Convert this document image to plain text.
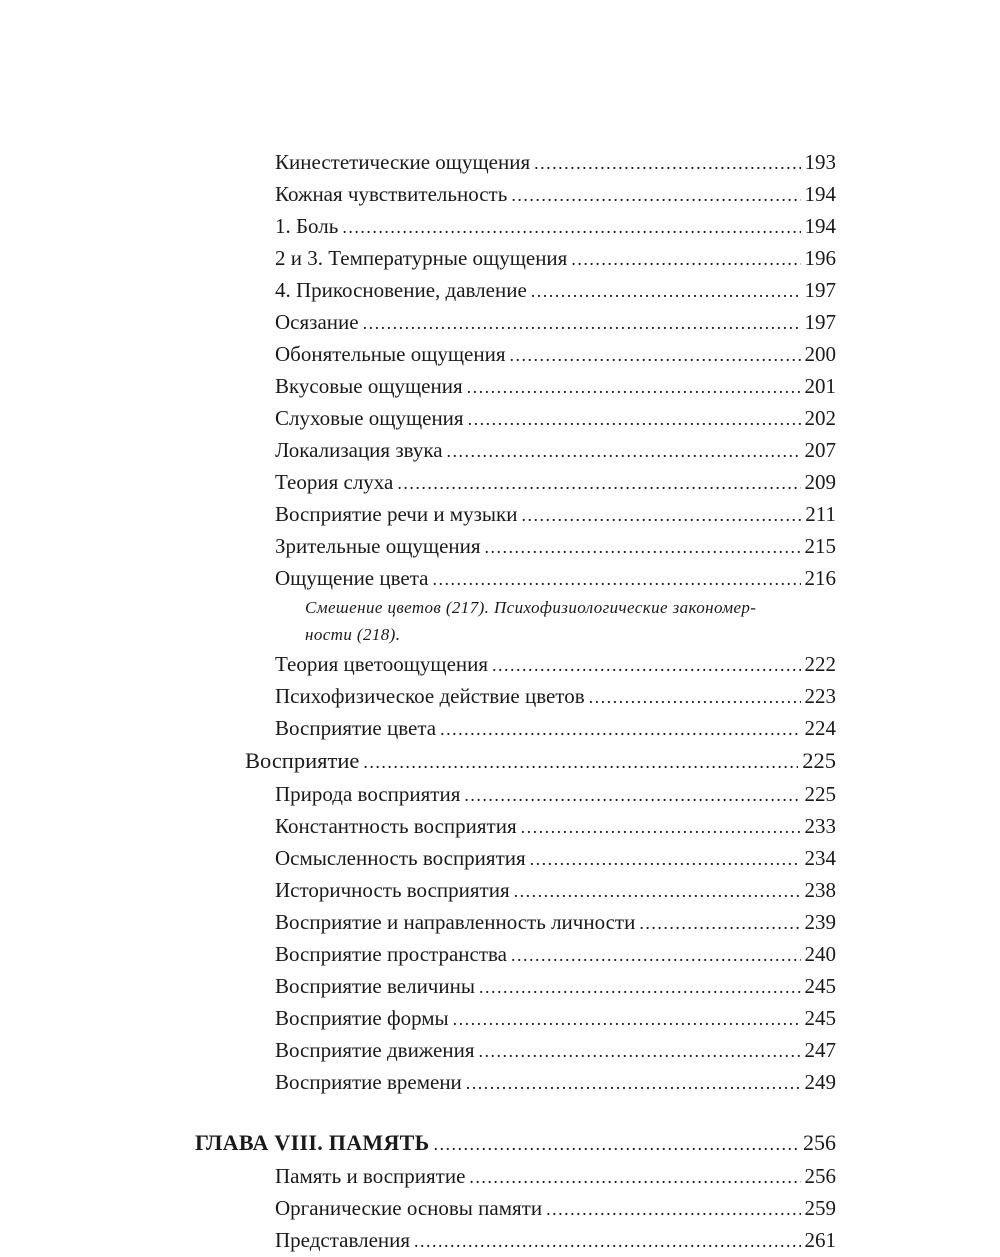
Кинестетические ощущения .....	193
Кожная чувствительность .....	194
1. Боль .....	194
2 и 3. Температурные ощущения .....	196
4. Прикосновение, давление .....	197
Осязание .....	197
Обонятельные ощущения .....	200
Вкусовые ощущения .....	201
Слуховые ощущения .....	202
Локализация звука .....	207
Теория слуха .....	209
Восприятие речи и музыки .....	211
Зрительные ощущения .....	215
Ощущение цвета .....	216
Смешение цветов (217). Психофизиологические закономер-
ности (218).
Теория цветоощущения .....	222
Психофизическое действие цветов .....	223
Восприятие цвета .....	224
Восприятие .....	225
Природа восприятия .....	225
Константность восприятия .....	233
Осмысленность восприятия .....	234
Историчность восприятия .....	238
Восприятие и направленность личности .....	239
Восприятие пространства .....	240
Восприятие величины .....	245
Восприятие формы .....	245
Восприятие движения .....	247
Восприятие времени .....	249
ГЛАВА VIII. ПАМЯТЬ .....	256
Память и восприятие .....	256
Органические основы памяти .....	259
Представления .....	261
